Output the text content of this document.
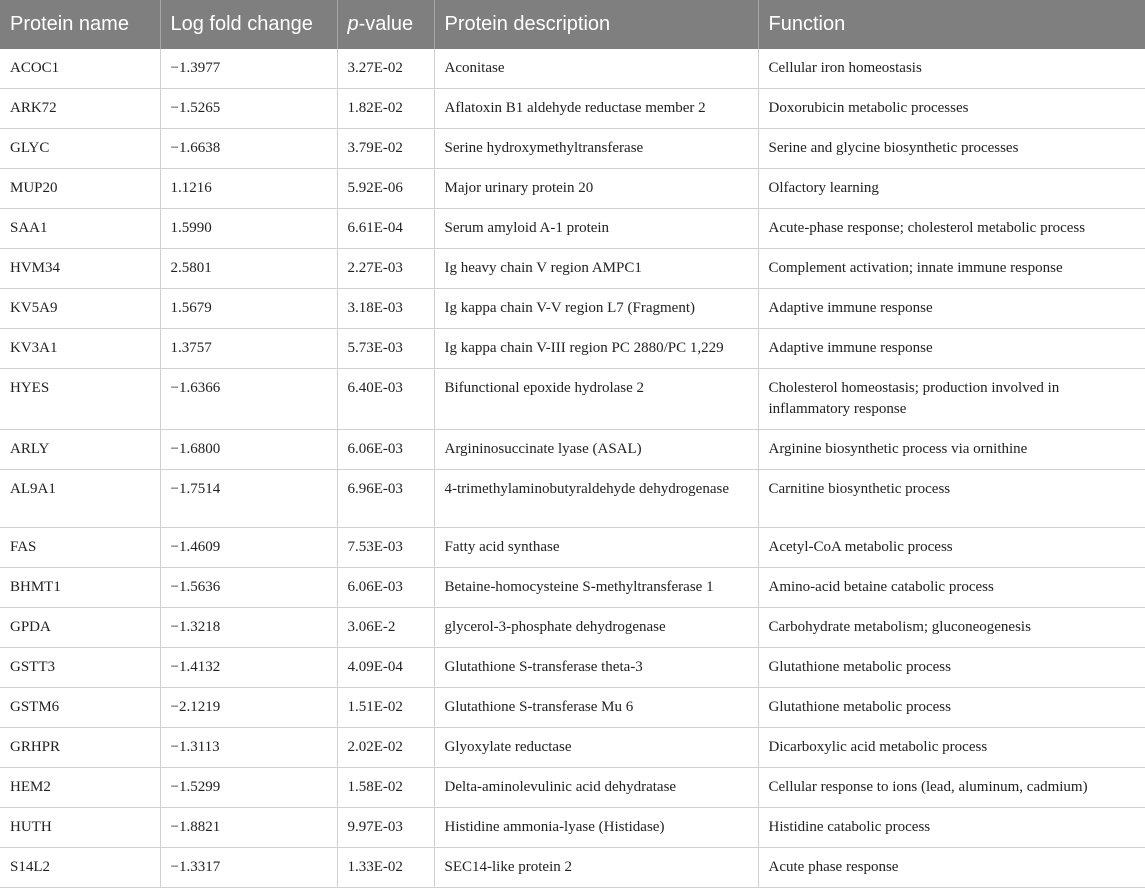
Protein name	Log fold change	p-value	Protein description	Function
ACOC1	−1.3977	3.27E-02	Aconitase	Cellular iron homeostasis
ARK72	−1.5265	1.82E-02	Aflatoxin B1 aldehyde reductase member 2	Doxorubicin metabolic processes
GLYC	−1.6638	3.79E-02	Serine hydroxymethyltransferase	Serine and glycine biosynthetic processes
MUP20	1.1216	5.92E-06	Major urinary protein 20	Olfactory learning
SAA1	1.5990	6.61E-04	Serum amyloid A-1 protein	Acute-phase response; cholesterol metabolic process
HVM34	2.5801	2.27E-03	Ig heavy chain V region AMPC1	Complement activation; innate immune response
KV5A9	1.5679	3.18E-03	Ig kappa chain V-V region L7 (Fragment)	Adaptive immune response
KV3A1	1.3757	5.73E-03	Ig kappa chain V-III region PC 2880/PC 1,229	Adaptive immune response
HYES	−1.6366	6.40E-03	Bifunctional epoxide hydrolase 2	Cholesterol homeostasis; production involved in inflammatory response
ARLY	−1.6800	6.06E-03	Argininosuccinate lyase (ASAL)	Arginine biosynthetic process via ornithine
AL9A1	−1.7514	6.96E-03	4-trimethylaminobutyraldehyde dehydrogenase	Carnitine biosynthetic process
FAS	−1.4609	7.53E-03	Fatty acid synthase	Acetyl-CoA metabolic process
BHMT1	−1.5636	6.06E-03	Betaine-homocysteine S-methyltransferase 1	Amino-acid betaine catabolic process
GPDA	−1.3218	3.06E-2	glycerol-3-phosphate dehydrogenase	Carbohydrate metabolism; gluconeogenesis
GSTT3	−1.4132	4.09E-04	Glutathione S-transferase theta-3	Glutathione metabolic process
GSTM6	−2.1219	1.51E-02	Glutathione S-transferase Mu 6	Glutathione metabolic process
GRHPR	−1.3113	2.02E-02	Glyoxylate reductase	Dicarboxylic acid metabolic process
HEM2	−1.5299	1.58E-02	Delta-aminolevulinic acid dehydratase	Cellular response to ions (lead, aluminum, cadmium)
HUTH	−1.8821	9.97E-03	Histidine ammonia-lyase (Histidase)	Histidine catabolic process
S14L2	−1.3317	1.33E-02	SEC14-like protein 2	Acute phase response
